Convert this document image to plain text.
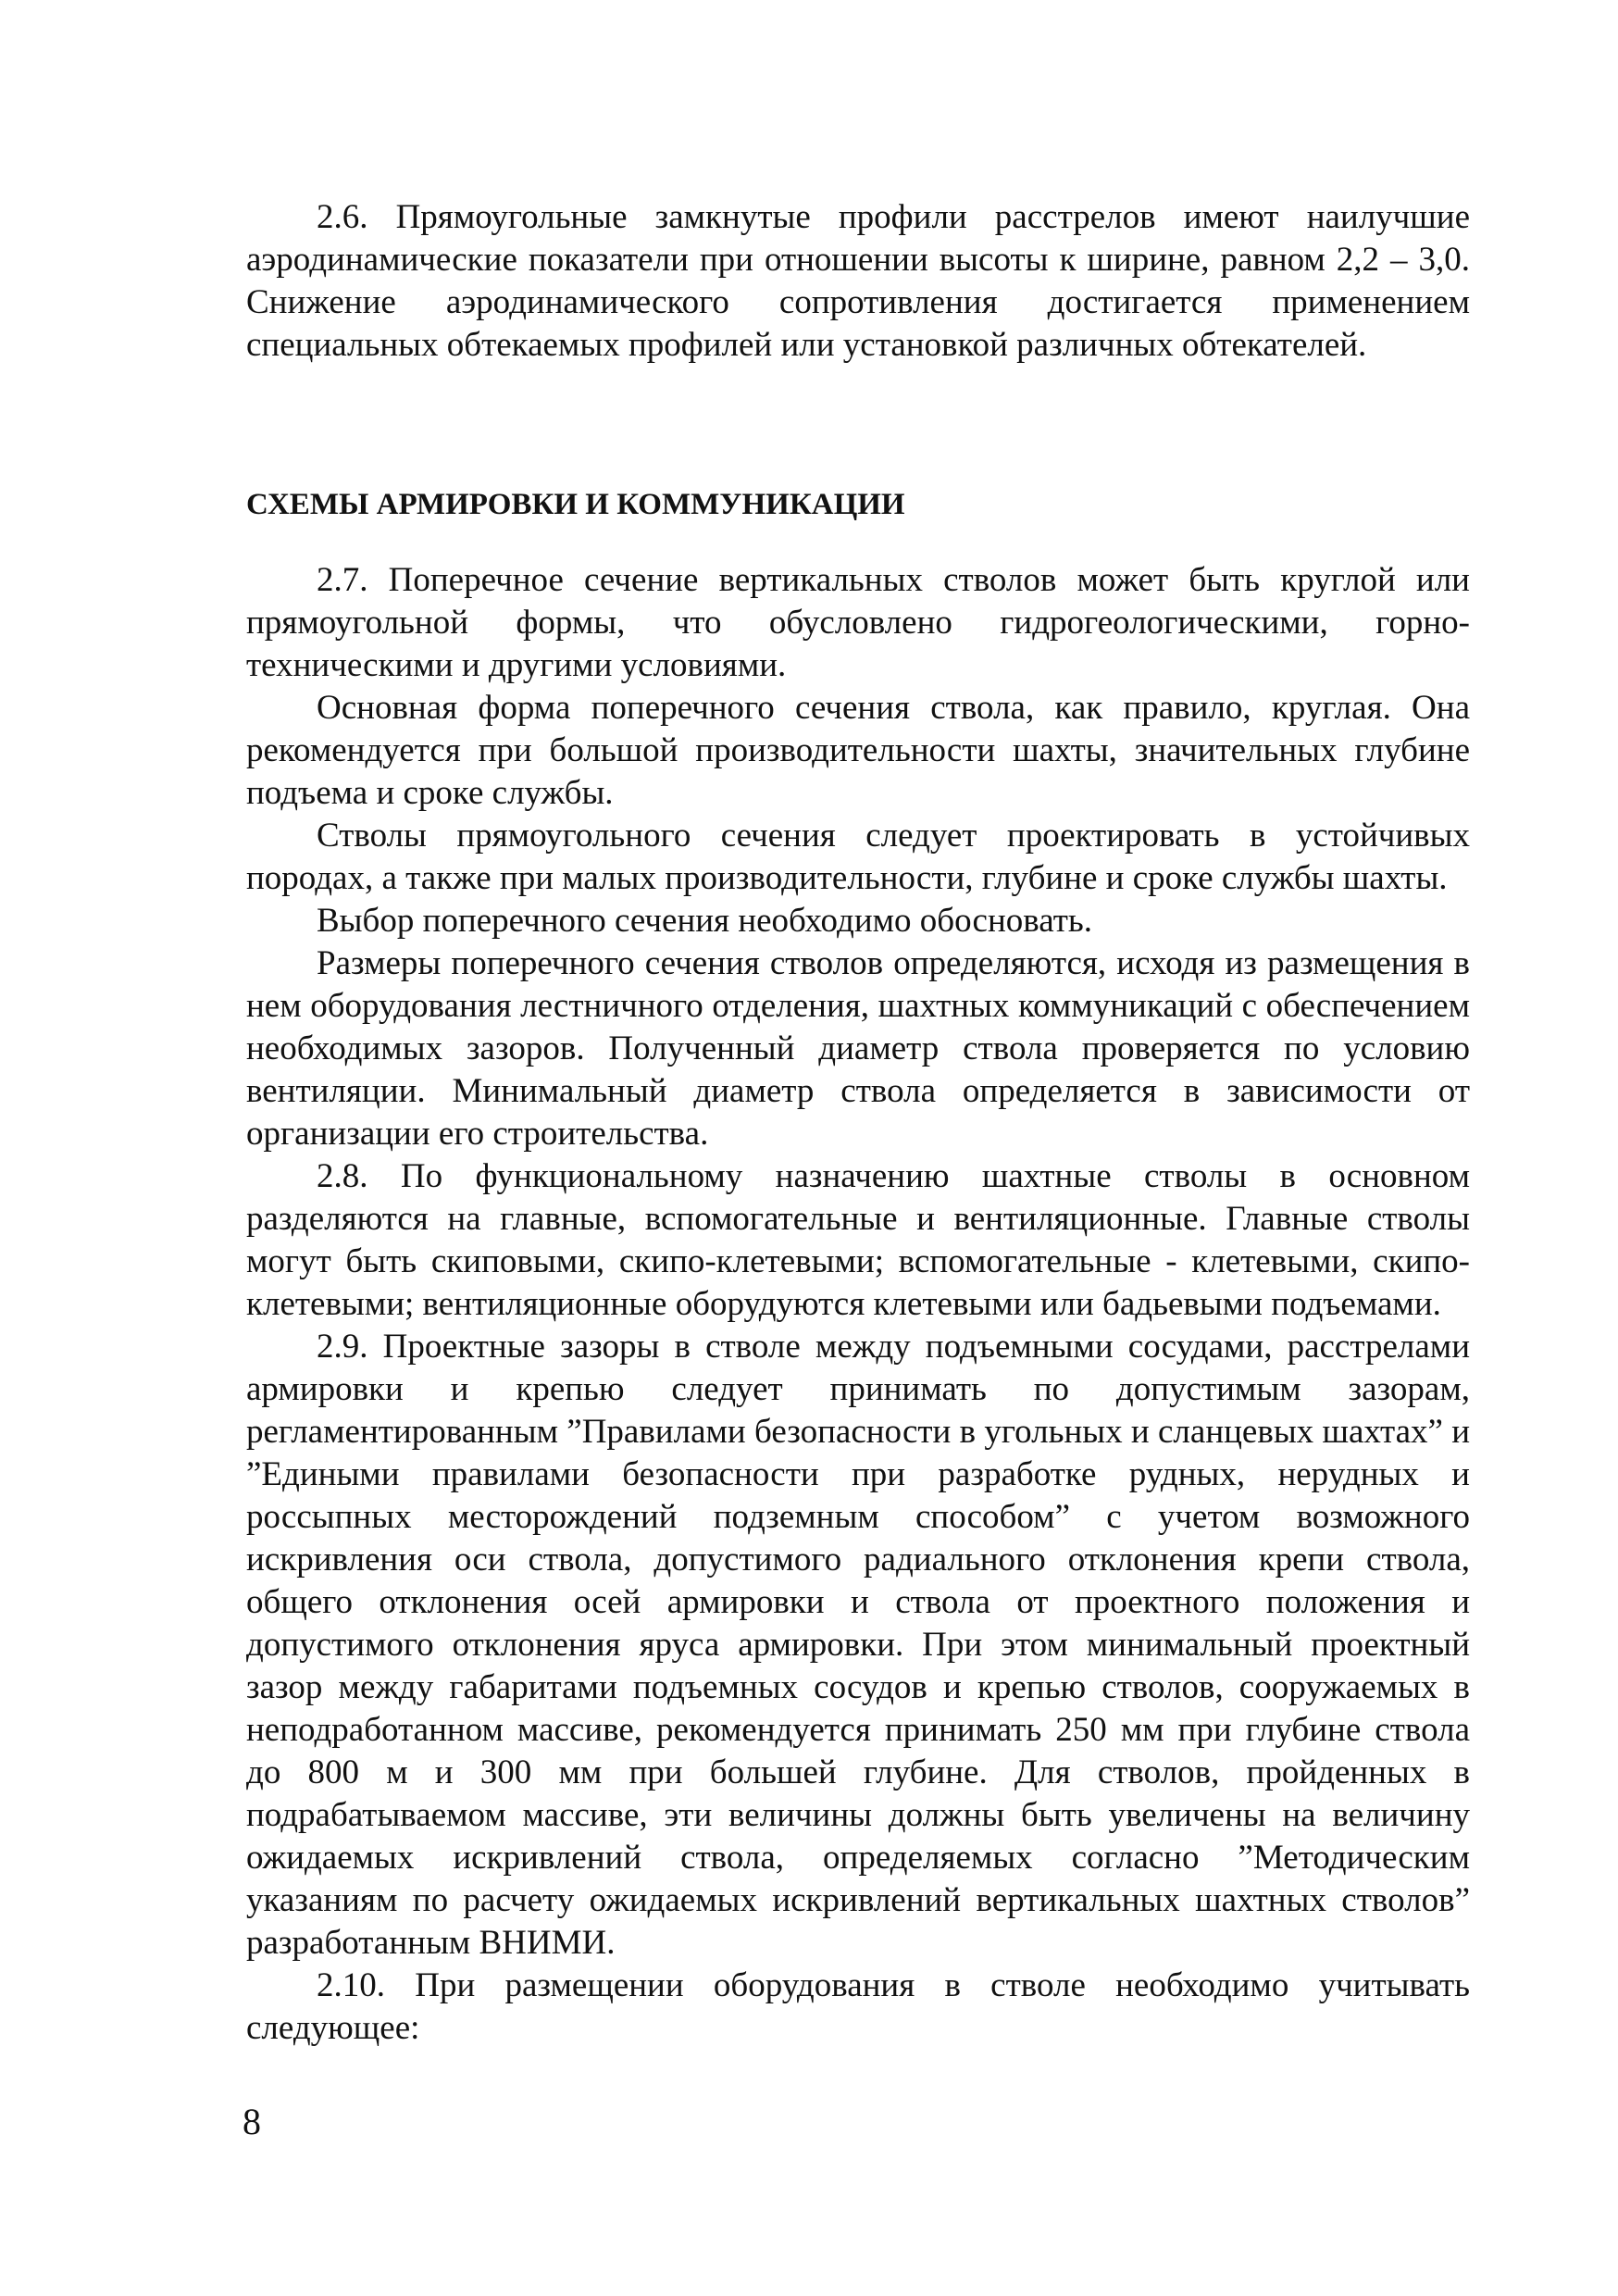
2.6. Прямоугольные замкнутые профили расстрелов имеют наилучшие аэродинамические показатели при отношении высоты к ширине, равном 2,2 – 3,0. Снижение аэродинамического сопротивления достигается применением специальных обтекаемых профилей или установкой различных обтекателей.

СХЕМЫ АРМИРОВКИ И КОММУНИКАЦИИ

2.7. Поперечное сечение вертикальных стволов может быть круглой или прямоугольной формы, что обусловлено гидрогеологическими, горно-техническими и другими условиями.

Основная форма поперечного сечения ствола, как правило, круглая. Она рекомендуется при большой производительности шахты, значительных глубине подъема и сроке службы.

Стволы прямоугольного сечения следует проектировать в устойчивых породах, а также при малых производительности, глубине и сроке службы шахты.

Выбор поперечного сечения необходимо обосновать.

Размеры поперечного сечения стволов определяются, исходя из размещения в нем оборудования лестничного отделения, шахтных коммуникаций с обеспечением необходимых зазоров. Полученный диаметр ствола проверяется по условию вентиляции. Минимальный диаметр ствола определяется в зависимости от организации его строительства.

2.8. По функциональному назначению шахтные стволы в основном разделяются на главные, вспомогательные и вентиляционные. Главные стволы могут быть скиповыми, скипо-клетевыми; вспомогательные - клетевыми, скипо-клетевыми; вентиляционные оборудуются клетевыми или бадьевыми подъемами.

2.9. Проектные зазоры в стволе между подъемными сосудами, расстрелами армировки и крепью следует принимать по допустимым зазорам, регламентированным ”Правилами безопасности в угольных и сланцевых шахтах” и ”Едиными правилами безопасности при разработке рудных, нерудных и россыпных месторождений подземным способом” с учетом возможного искривления оси ствола, допустимого радиального отклонения крепи ствола, общего отклонения осей армировки и ствола от проектного положения и допустимого отклонения яруса армировки. При этом минимальный проектный зазор между габаритами подъемных сосудов и крепью стволов, сооружаемых в неподработанном массиве, рекомендуется принимать 250 мм при глубине ствола до 800 м и 300 мм при большей глубине. Для стволов, пройденных в подрабатываемом массиве, эти величины должны быть увеличены на величину ожидаемых искривлений ствола, определяемых согласно ”Методическим указаниям по расчету ожидаемых искривлений вертикальных шахтных стволов” разработанным ВНИМИ.

2.10. При размещении оборудования в стволе необходимо учитывать следующее:

8
